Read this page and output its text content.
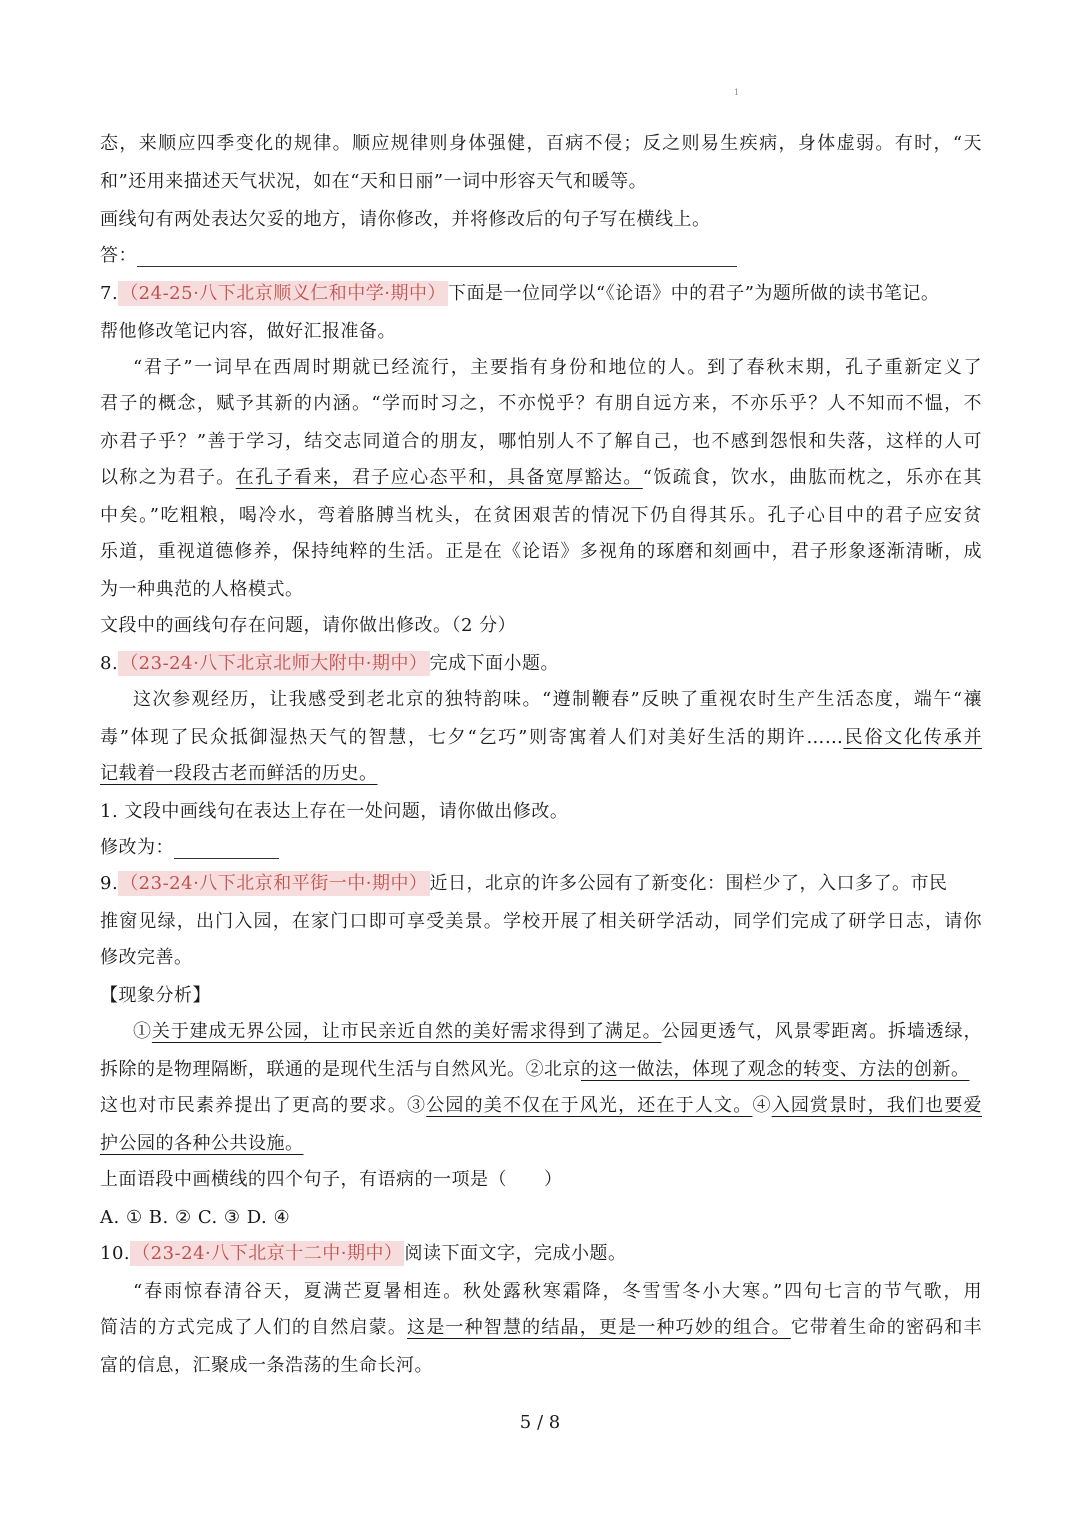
1
态，来顺应四季变化的规律。顺应规律则身体强健，百病不侵；反之则易生疾病，身体虚弱。有时，“天
和”还用来描述天气状况，如在“天和日丽”一词中形容天气和暖等。
画线句有两处表达欠妥的地方，请你修改，并将修改后的句子写在横线上。
答：
7. （24-25·八下北京顺义仁和中学·期中） 下面是一位同学以“《论语》中的君子”为题所做的读书笔记。
帮他修改笔记内容，做好汇报准备。
“君子”一词早在西周时期就已经流行，主要指有身份和地位的人。到了春秋末期，孔子重新定义了
君子的概念，赋予其新的内涵。“学而时习之，不亦悦乎？有朋自远方来，不亦乐乎？人不知而不愠，不
亦君子乎？”善于学习，结交志同道合的朋友，哪怕别人不了解自己，也不感到怨恨和失落，这样的人可
以称之为君子。在孔子看来，君子应心态平和，具备宽厚豁达。“饭疏食，饮水，曲肱而枕之，乐亦在其
中矣。”吃粗粮，喝冷水，弯着胳膊当枕头，在贫困艰苦的情况下仍自得其乐。孔子心目中的君子应安贫
乐道，重视道德修养，保持纯粹的生活。正是在《论语》多视角的琢磨和刻画中，君子形象逐渐清晰，成
为一种典范的人格模式。
文段中的画线句存在问题，请你做出修改。（2 分）
8. （23-24·八下北京北师大附中·期中） 完成下面小题。
这次参观经历，让我感受到老北京的独特韵味。“遵制鞭春”反映了重视农时生产生活态度，端午“禳
毒”体现了民众抵御湿热天气的智慧，七夕“乞巧”则寄寓着人们对美好生活的期许……民俗文化传承并
记载着一段段古老而鲜活的历史。
1. 文段中画线句在表达上存在一处问题，请你做出修改。
修改为：
9. （23-24·八下北京和平街一中·期中） 近日，北京的许多公园有了新变化：围栏少了，入口多了。市民
推窗见绿，出门入园，在家门口即可享受美景。学校开展了相关研学活动，同学们完成了研学日志，请你
修改完善。
【现象分析】
①关于建成无界公园，让市民亲近自然的美好需求得到了满足。公园更透气，风景零距离。拆墙透绿，
拆除的是物理隔断，联通的是现代生活与自然风光。②北京的这一做法，体现了观念的转变、方法的创新。
这也对市民素养提出了更高的要求。③公园的美不仅在于风光，还在于人文。④入园赏景时，我们也要爱
护公园的各种公共设施。
上面语段中画横线的四个句子，有语病的一项是（　　）
A. ① B. ② C. ③ D. ④
10. （23-24·八下北京十二中·期中） 阅读下面文字，完成小题。
“春雨惊春清谷天，夏满芒夏暑相连。秋处露秋寒霜降，冬雪雪冬小大寒。”四句七言的节气歌，用
简洁的方式完成了人们的自然启蒙。这是一种智慧的结晶，更是一种巧妙的组合。它带着生命的密码和丰
富的信息，汇聚成一条浩荡的生命长河。
5 / 8
